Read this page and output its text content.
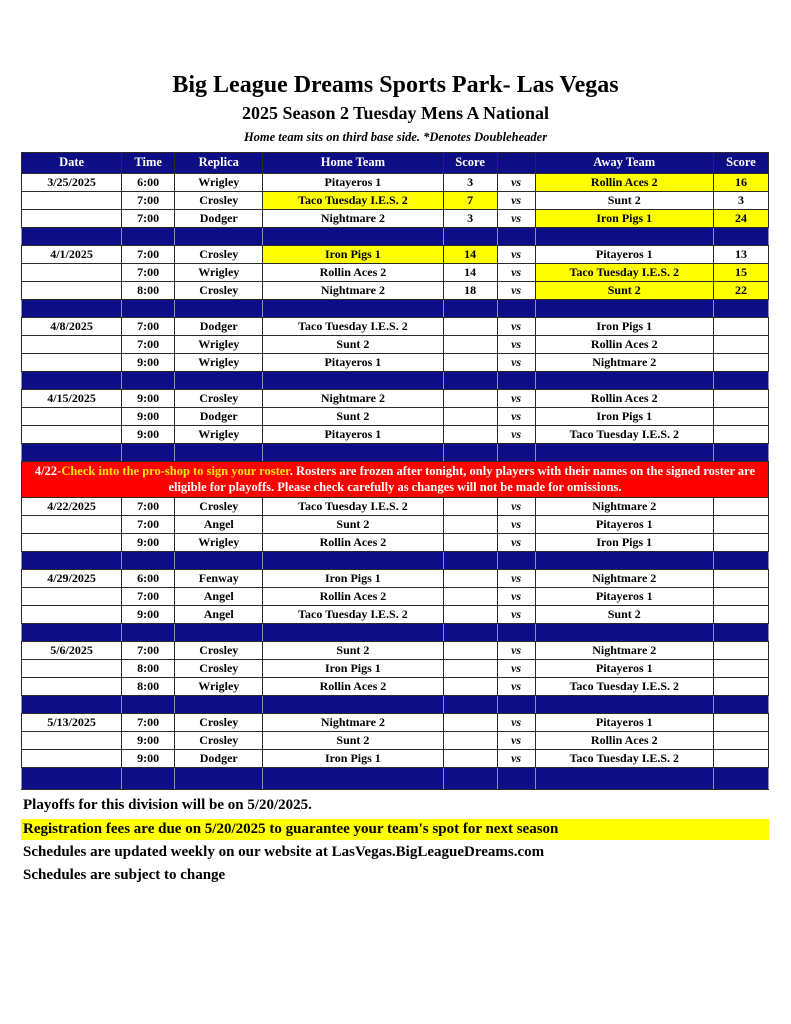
Big League Dreams Sports Park- Las Vegas
2025 Season 2 Tuesday Mens A National
Home team sits on third base side. *Denotes Doubleheader
Date	Time	Replica	Home Team	Score		Away Team	Score
3/25/2025	6:00	Wrigley	Pitayeros 1	3	vs	Rollin Aces 2	16
	7:00	Crosley	Taco Tuesday I.E.S. 2	7	vs	Sunt 2	3
	7:00	Dodger	Nightmare 2	3	vs	Iron Pigs 1	24

4/1/2025	7:00	Crosley	Iron Pigs 1	14	vs	Pitayeros 1	13
	7:00	Wrigley	Rollin Aces 2	14	vs	Taco Tuesday I.E.S. 2	15
	8:00	Crosley	Nightmare 2	18	vs	Sunt 2	22

4/8/2025	7:00	Dodger	Taco Tuesday I.E.S. 2		vs	Iron Pigs 1	
	7:00	Wrigley	Sunt 2		vs	Rollin Aces 2	
	9:00	Wrigley	Pitayeros 1		vs	Nightmare 2	

4/15/2025	9:00	Crosley	Nightmare 2		vs	Rollin Aces 2	
	9:00	Dodger	Sunt 2		vs	Iron Pigs 1	
	9:00	Wrigley	Pitayeros 1		vs	Taco Tuesday I.E.S. 2	

4/22-Check into the pro-shop to sign your roster. Rosters are frozen after tonight, only players with their names on the signed roster are eligible for playoffs. Please check carefully as changes will not be made for omissions.							
4/22/2025	7:00	Crosley	Taco Tuesday I.E.S. 2		vs	Nightmare 2	
	7:00	Angel	Sunt 2		vs	Pitayeros 1	
	9:00	Wrigley	Rollin Aces 2		vs	Iron Pigs 1	

4/29/2025	6:00	Fenway	Iron Pigs 1		vs	Nightmare 2	
	7:00	Angel	Rollin Aces 2		vs	Pitayeros 1	
	9:00	Angel	Taco Tuesday I.E.S. 2		vs	Sunt 2	

5/6/2025	7:00	Crosley	Sunt 2		vs	Nightmare 2	
	8:00	Crosley	Iron Pigs 1		vs	Pitayeros 1	
	8:00	Wrigley	Rollin Aces 2		vs	Taco Tuesday I.E.S. 2	

5/13/2025	7:00	Crosley	Nightmare 2		vs	Pitayeros 1	
	9:00	Crosley	Sunt 2		vs	Rollin Aces 2	
	9:00	Dodger	Iron Pigs 1		vs	Taco Tuesday I.E.S. 2	

Playoffs for this division will be on 5/20/2025.
Registration fees are due on 5/20/2025 to guarantee your team's spot for next season
Schedules are updated weekly on our website at LasVegas.BigLeagueDreams.com
Schedules are subject to change
